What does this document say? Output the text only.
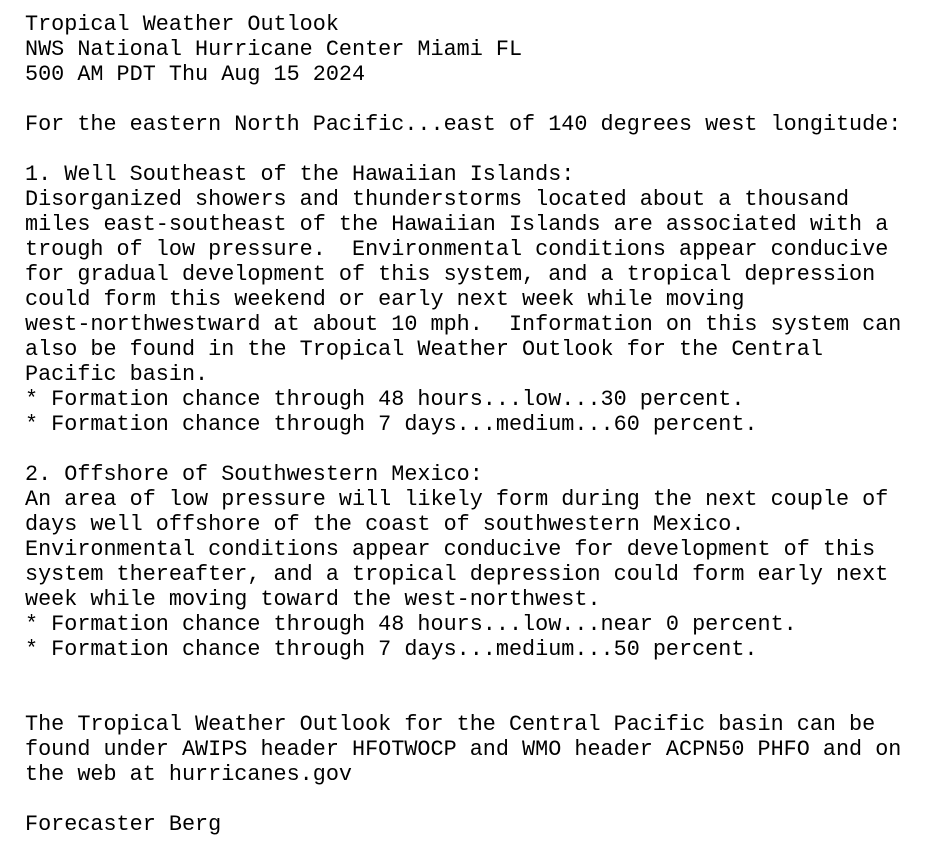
Tropical Weather Outlook
NWS National Hurricane Center Miami FL
500 AM PDT Thu Aug 15 2024
For the eastern North Pacific...east of 140 degrees west longitude:
1. Well Southeast of the Hawaiian Islands:
Disorganized showers and thunderstorms located about a thousand
miles east-southeast of the Hawaiian Islands are associated with a
trough of low pressure.  Environmental conditions appear conducive
for gradual development of this system, and a tropical depression
could form this weekend or early next week while moving
west-northwestward at about 10 mph.  Information on this system can
also be found in the Tropical Weather Outlook for the Central
Pacific basin.
* Formation chance through 48 hours...low...30 percent.
* Formation chance through 7 days...medium...60 percent.
2. Offshore of Southwestern Mexico:
An area of low pressure will likely form during the next couple of
days well offshore of the coast of southwestern Mexico.
Environmental conditions appear conducive for development of this
system thereafter, and a tropical depression could form early next
week while moving toward the west-northwest.
* Formation chance through 48 hours...low...near 0 percent.
* Formation chance through 7 days...medium...50 percent.
The Tropical Weather Outlook for the Central Pacific basin can be
found under AWIPS header HFOTWOCP and WMO header ACPN50 PHFO and on
the web at hurricanes.gov
Forecaster Berg
